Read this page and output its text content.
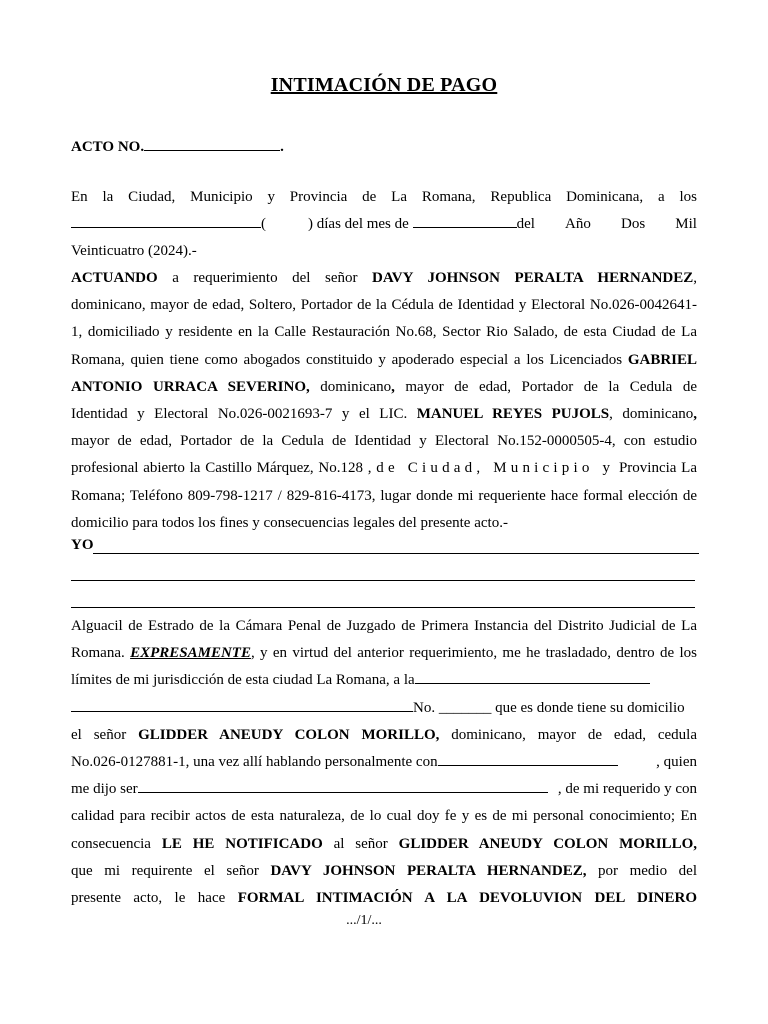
INTIMACIÓN DE PAGO
ACTO NO.	.
En la Ciudad, Municipio y Provincia de La Romana, Republica Dominicana, a los
(	) días del mes de	del Año Dos Mil
Veinticuatro (2024).-
ACTUANDO a requerimiento del señor DAVY JOHNSON PERALTA HERNANDEZ,
dominicano, mayor de edad, Soltero, Portador de la Cédula de Identidad y Electoral No.026-0042641-
1, domiciliado y residente en la Calle Restauración No.68, Sector Rio Salado, de esta Ciudad de La
Romana, quien tiene como abogados constituido y apoderado especial a los Licenciados GABRIEL
ANTONIO URRACA SEVERINO, dominicano, mayor de edad, Portador de la Cedula de
Identidad y Electoral No.026-0021693-7 y el LIC. MANUEL REYES PUJOLS, dominicano,
mayor de edad, Portador de la Cedula de Identidad y Electoral No.152-0000505-4, con estudio
profesional abierto la Castillo Márquez, No.128 , de Ciudad, Municipio y Provincia La
Romana; Teléfono 809-798-1217 / 829-816-4173, lugar donde mi requeriente hace formal elección de
domicilio para todos los fines y consecuencias legales del presente acto.-
YO
Alguacil de Estrado de la Cámara Penal de Juzgado de Primera Instancia del Distrito Judicial de La
Romana. EXPRESAMENTE, y en virtud del anterior requerimiento, me he trasladado, dentro de los
límites de mi jurisdicción de esta ciudad La Romana, a la
No. _______ que es donde tiene su domicilio
el señor GLIDDER ANEUDY COLON MORILLO, dominicano, mayor de edad, cedula
No.026-0127881-1, una vez allí hablando personalmente con	, quien
me dijo ser	, de mi requerido y con
calidad para recibir actos de esta naturaleza, de lo cual doy fe y es de mi personal conocimiento; En
consecuencia LE HE NOTIFICADO al señor GLIDDER ANEUDY COLON MORILLO,
que mi requirente el señor DAVY JOHNSON PERALTA HERNANDEZ, por medio del
presente acto, le hace FORMAL INTIMACIÓN A LA DEVOLUVION DEL DINERO
.../1/...
